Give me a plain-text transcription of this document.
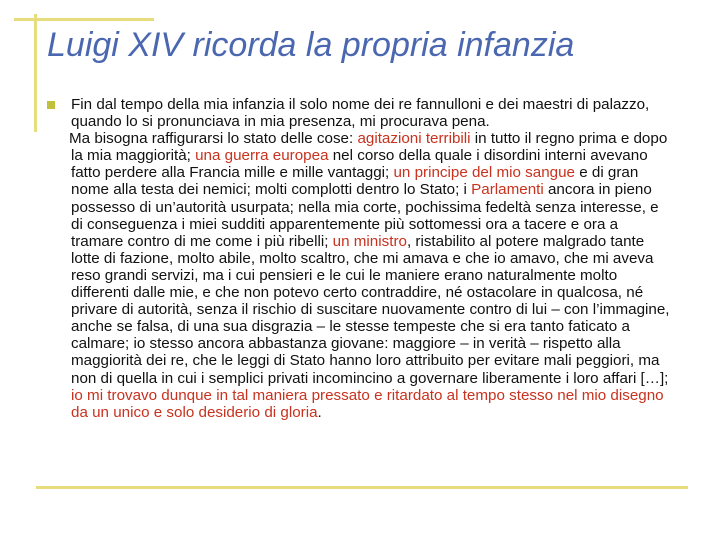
Luigi XIV ricorda la propria infanzia

Fin dal tempo della mia infanzia il solo nome dei re fannulloni e dei maestri di palazzo, quando lo si pronunciava in mia presenza, mi procurava pena.

Ma bisogna raffigurarsi lo stato delle cose: agitazioni terribili in tutto il regno prima e dopo la mia maggiorità; una guerra europea nel corso della quale i disordini interni avevano fatto perdere alla Francia mille e mille vantaggi; un principe del mio sangue e di gran nome alla testa dei nemici; molti complotti dentro lo Stato; i Parlamenti ancora in pieno possesso di un’autorità usurpata; nella mia corte, pochissima fedeltà senza interesse, e di conseguenza i miei sudditi apparentemente più sottomessi ora a tacere e ora a tramare contro di me come i più ribelli; un ministro, ristabilito al potere malgrado tante lotte di fazione, molto abile, molto scaltro, che mi amava e che io amavo, che mi aveva reso grandi servizi, ma i cui pensieri e le cui le maniere erano naturalmente molto differenti dalle mie, e che non potevo certo contraddire, né ostacolare in qualcosa, né privare di autorità, senza il rischio di suscitare nuovamente contro di lui – con l’immagine, anche se falsa, di una sua disgrazia – le stesse tempeste che si era tanto faticato a calmare; io stesso ancora abbastanza giovane: maggiore – in verità – rispetto alla maggiorità dei re, che le leggi di Stato hanno loro attribuito per evitare mali peggiori, ma non di quella in cui i semplici privati incomincino a governare liberamente i loro affari […]; io mi trovavo dunque in tal maniera pressato e ritardato al tempo stesso nel mio disegno da un unico e solo desiderio di gloria.
